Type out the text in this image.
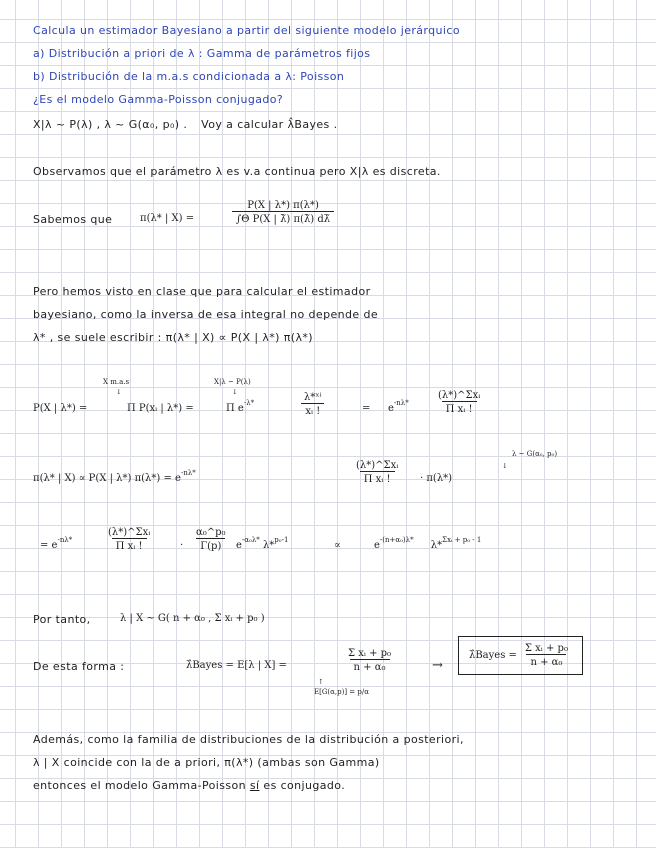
Calcula un estimador Bayesiano a partir del siguiente modelo jerárquico
a) Distribución a priori de λ : Gamma de parámetros fijos
b) Distribución de la m.a.s condicionada a λ: Poisson
¿Es el modelo Gamma-Poisson conjugado?
X|λ ~ P(λ) , λ ~ G(α₀, p₀) . Voy a calcular λ̂Bayes .
Observamos que el parámetro λ es v.a continua pero X|λ es discreta.
Sabemos que	π(λ* | X) =	$\frac{P(X | \lambda*) \pi(\lambda*)}{\text{∫Θ P(X | λ̃) π(λ̃) dλ̃}}$
Pero hemos visto en clase que para calcular el estimador
bayesiano, como la inversa de esa integral no depende de
λ* , se suele escribir : π(λ* | X) ∝ P(X | λ*) π(λ*)
X m.a.s
↓
X|λ ~ P(λ)
↓
P(X | λ*) =	Π P(xᵢ | λ*) =	Π $e^{-\lambda*}$	$\frac{\text{λ*ˣⁱ}}{\text{xᵢ !}}$	= $e^{-n\lambda*}$
(λ*)^Σxᵢ
Π xᵢ !
λ ~ G(α₀, p₀)
↓
π(λ* | X) ∝ P(X | λ*) $\pi(\lambda*) = e^{-n\lambda*}$
(λ*)^Σxᵢ
Π xᵢ !	· π(λ*)
= $e^{-n\lambda*}$
(λ*)^Σxᵢ
Π xᵢ !	· $\frac{\text{α₀\textasciicircum{}p₀}}{\Gamma(p)} e^{-\alpha_0\lambda*}$ λ*$^{p_0-1}$	∝	$e^{-(n+\alpha_0)\lambda*}$ λ*$^{\Sigma xᵢ + p_0 - 1}$
Por tanto,	λ | X ~ G( n + α₀ , Σ xᵢ + p₀ )
De esta forma :	λ̂Bayes = E[λ | X] =	$\frac{\text{Σ xᵢ + p₀}}{\text{n + α₀}}$
↑
E[G(α,p)] = p/α
→
λ̂Bayes = $\frac{\text{Σ xᵢ + p₀}}{\text{n + α₀}}$
Además, como la familia de distribuciones de la distribución a posteriori,
λ | X coincide con la de a priori, π(λ*) (ambas son Gamma)
entonces el modelo Gamma-Poisson sí es conjugado.
